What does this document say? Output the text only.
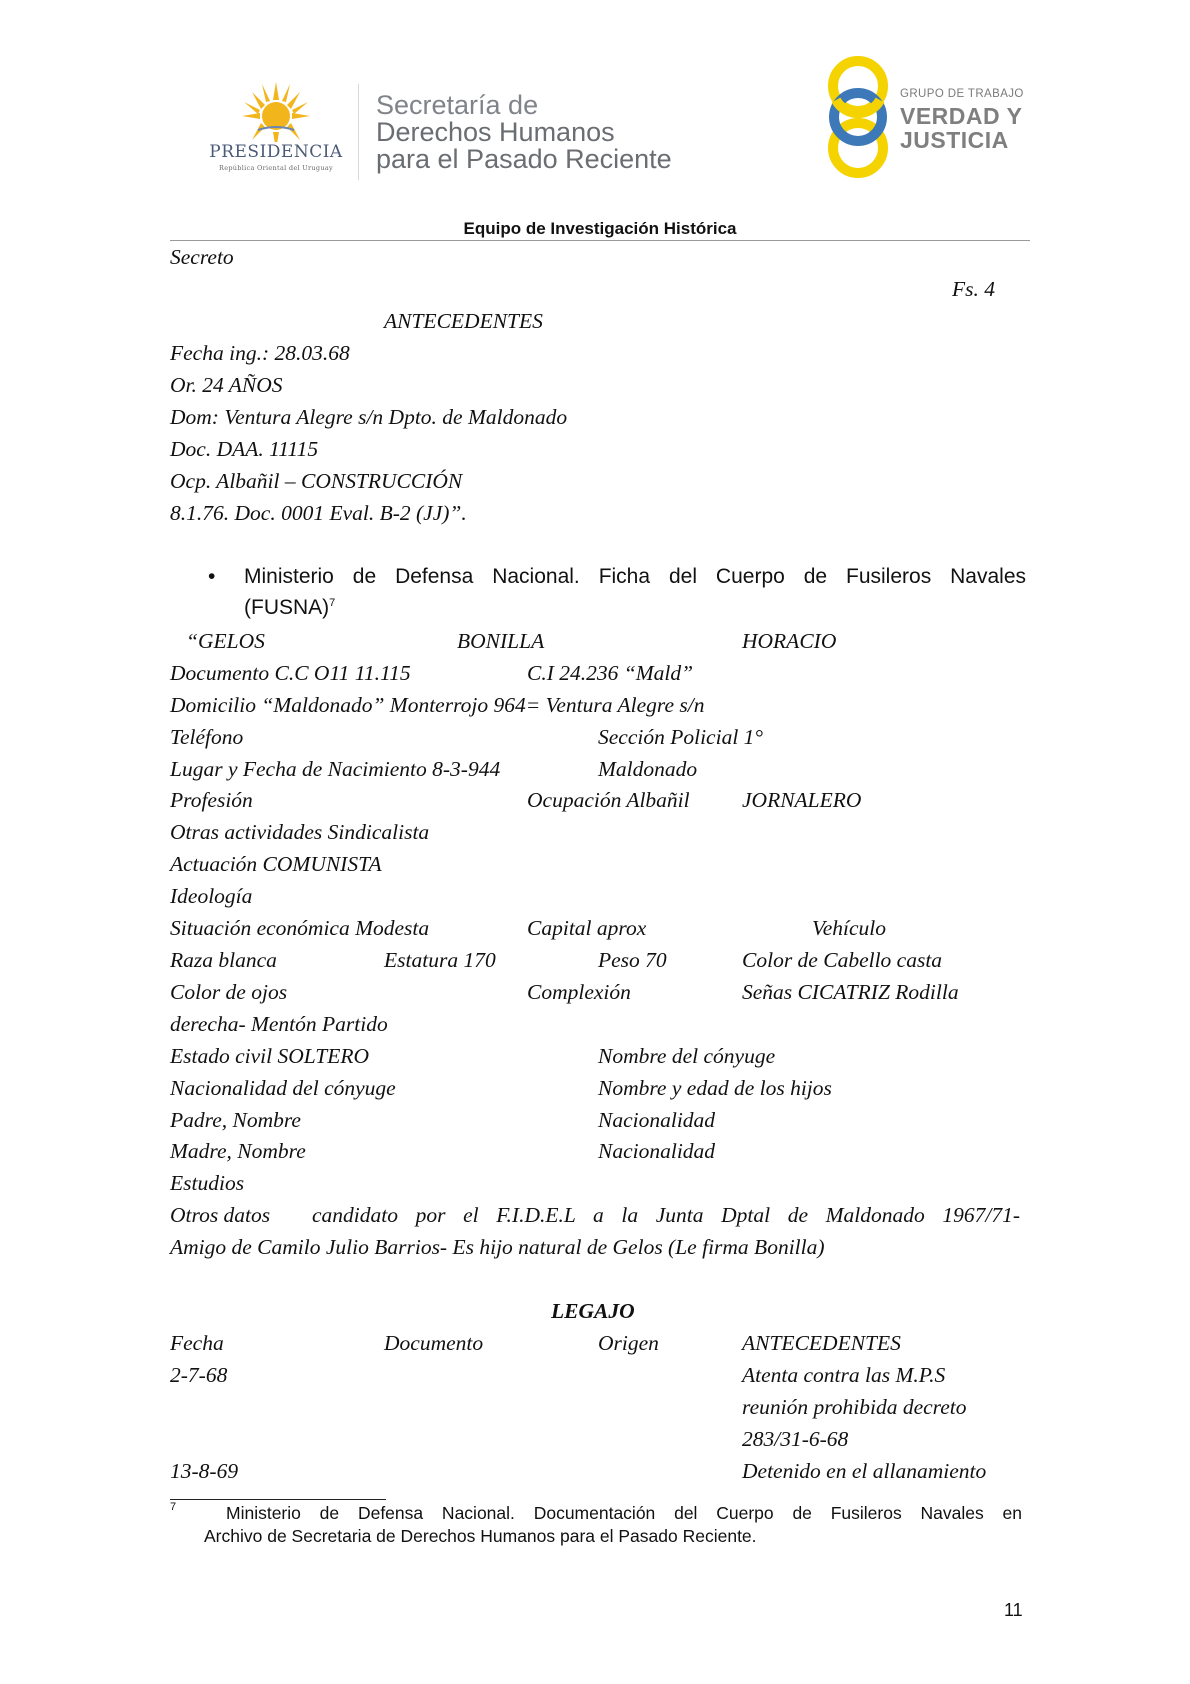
PRESIDENCIA
República Oriental del Uruguay
Secretaría de
Derechos Humanos
para el Pasado Reciente
GRUPO DE TRABAJO
VERDAD Y
JUSTICIA
Equipo de Investigación Histórica
Secreto
Fs. 4
ANTECEDENTES
Fecha ing.: 28.03.68
Or. 24 AÑOS
Dom: Ventura Alegre s/n Dpto. de Maldonado
Doc. DAA. 11115
Ocp. Albañil – CONSTRUCCIÓN
8.1.76. Doc. 0001 Eval. B-2 (JJ)”.
• Ministerio de Defensa Nacional. Ficha del Cuerpo de Fusileros Navales
(FUSNA)$^7$
“GELOS	BONILLA	HORACIO
Documento C.C O11 11.115	C.I 24.236 “Mald”
Domicilio “Maldonado” Monterrojo 964= Ventura Alegre s/n
Teléfono	Sección Policial 1°
Lugar y Fecha de Nacimiento 8-3-944	Maldonado
Profesión	Ocupación Albañil JORNALERO
Otras actividades Sindicalista
Actuación COMUNISTA
Ideología
Situación económica Modesta	Capital aprox	Vehículo
Raza blanca	Estatura 170	Peso 70	Color de Cabello casta
Color de ojos	Complexión	Señas CICATRIZ Rodilla
derecha- Mentón Partido
Estado civil SOLTERO	Nombre del cónyuge
Nacionalidad del cónyuge	Nombre y edad de los hijos
Padre, Nombre	Nacionalidad
Madre, Nombre	Nacionalidad
Estudios
Otros datos candidato por el F.I.D.E.L a la Junta Dptal de Maldonado 1967/71-
Amigo de Camilo Julio Barrios- Es hijo natural de Gelos (Le firma Bonilla)
LEGAJO
Fecha	Documento	Origen	ANTECEDENTES
2-7-68	Atenta contra las M.P.S
reunión prohibida decreto
283/31-6-68
13-8-69	Detenido en el allanamiento
7	Ministerio de Defensa Nacional. Documentación del Cuerpo de Fusileros Navales en
Archivo de Secretaria de Derechos Humanos para el Pasado Reciente.
11
